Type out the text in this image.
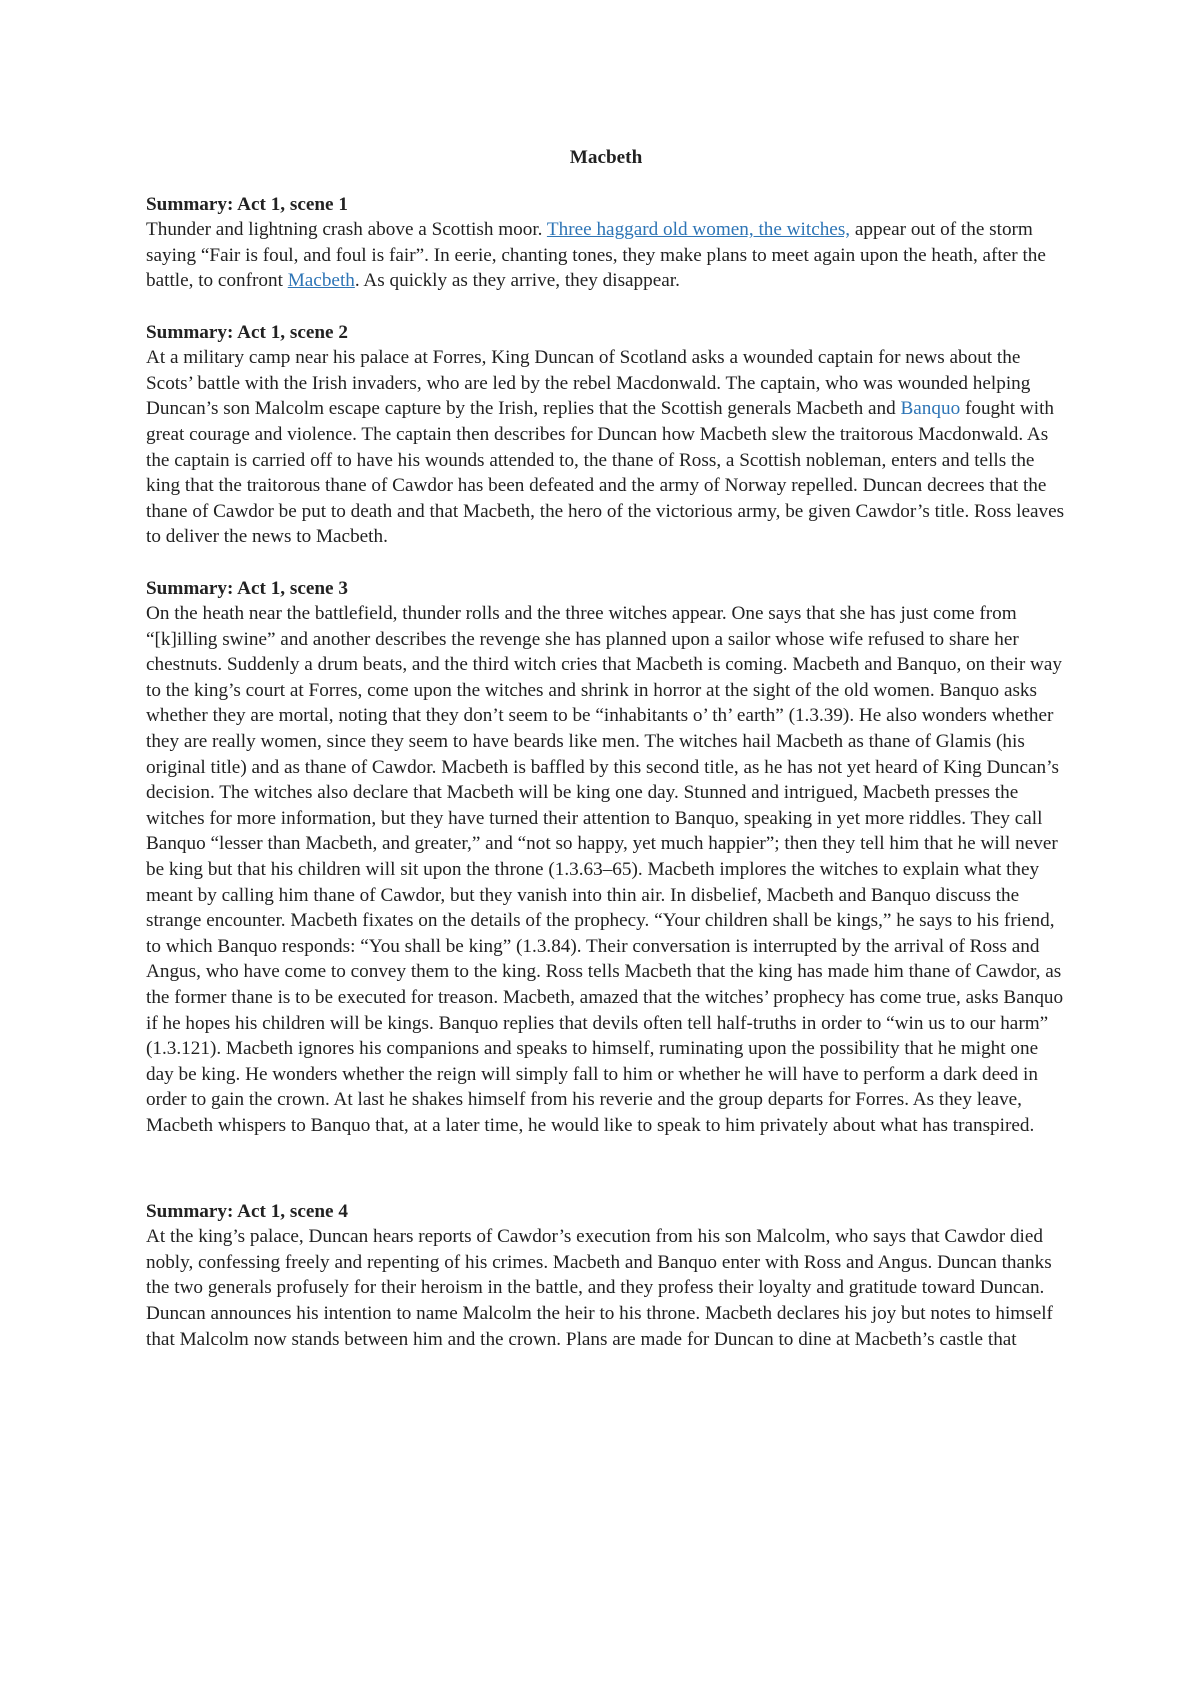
Macbeth
Summary: Act 1, scene 1
Thunder and lightning crash above a Scottish moor. Three haggard old women, the witches, appear out of the storm saying “Fair is foul, and foul is fair”. In eerie, chanting tones, they make plans to meet again upon the heath, after the battle, to confront Macbeth. As quickly as they arrive, they disappear.
Summary: Act 1, scene 2
At a military camp near his palace at Forres, King Duncan of Scotland asks a wounded captain for news about the Scots’ battle with the Irish invaders, who are led by the rebel Macdonwald. The captain, who was wounded helping Duncan’s son Malcolm escape capture by the Irish, replies that the Scottish generals Macbeth and Banquo fought with great courage and violence. The captain then describes for Duncan how Macbeth slew the traitorous Macdonwald. As the captain is carried off to have his wounds attended to, the thane of Ross, a Scottish nobleman, enters and tells the king that the traitorous thane of Cawdor has been defeated and the army of Norway repelled. Duncan decrees that the thane of Cawdor be put to death and that Macbeth, the hero of the victorious army, be given Cawdor’s title. Ross leaves to deliver the news to Macbeth.
Summary: Act 1, scene 3
On the heath near the battlefield, thunder rolls and the three witches appear. One says that she has just come from “[k]illing swine” and another describes the revenge she has planned upon a sailor whose wife refused to share her chestnuts. Suddenly a drum beats, and the third witch cries that Macbeth is coming. Macbeth and Banquo, on their way to the king’s court at Forres, come upon the witches and shrink in horror at the sight of the old women. Banquo asks whether they are mortal, noting that they don’t seem to be “inhabitants o’ th’ earth” (1.3.39). He also wonders whether they are really women, since they seem to have beards like men. The witches hail Macbeth as thane of Glamis (his original title) and as thane of Cawdor. Macbeth is baffled by this second title, as he has not yet heard of King Duncan’s decision. The witches also declare that Macbeth will be king one day. Stunned and intrigued, Macbeth presses the witches for more information, but they have turned their attention to Banquo, speaking in yet more riddles. They call Banquo “lesser than Macbeth, and greater,” and “not so happy, yet much happier”; then they tell him that he will never be king but that his children will sit upon the throne (1.3.63–65). Macbeth implores the witches to explain what they meant by calling him thane of Cawdor, but they vanish into thin air. In disbelief, Macbeth and Banquo discuss the strange encounter. Macbeth fixates on the details of the prophecy. “Your children shall be kings,” he says to his friend, to which Banquo responds: “You shall be king” (1.3.84). Their conversation is interrupted by the arrival of Ross and Angus, who have come to convey them to the king. Ross tells Macbeth that the king has made him thane of Cawdor, as the former thane is to be executed for treason. Macbeth, amazed that the witches’ prophecy has come true, asks Banquo if he hopes his children will be kings. Banquo replies that devils often tell half-truths in order to “win us to our harm” (1.3.121). Macbeth ignores his companions and speaks to himself, ruminating upon the possibility that he might one day be king. He wonders whether the reign will simply fall to him or whether he will have to perform a dark deed in order to gain the crown. At last he shakes himself from his reverie and the group departs for Forres. As they leave, Macbeth whispers to Banquo that, at a later time, he would like to speak to him privately about what has transpired.
Summary: Act 1, scene 4
At the king’s palace, Duncan hears reports of Cawdor’s execution from his son Malcolm, who says that Cawdor died nobly, confessing freely and repenting of his crimes. Macbeth and Banquo enter with Ross and Angus. Duncan thanks the two generals profusely for their heroism in the battle, and they profess their loyalty and gratitude toward Duncan. Duncan announces his intention to name Malcolm the heir to his throne. Macbeth declares his joy but notes to himself that Malcolm now stands between him and the crown. Plans are made for Duncan to dine at Macbeth’s castle that
